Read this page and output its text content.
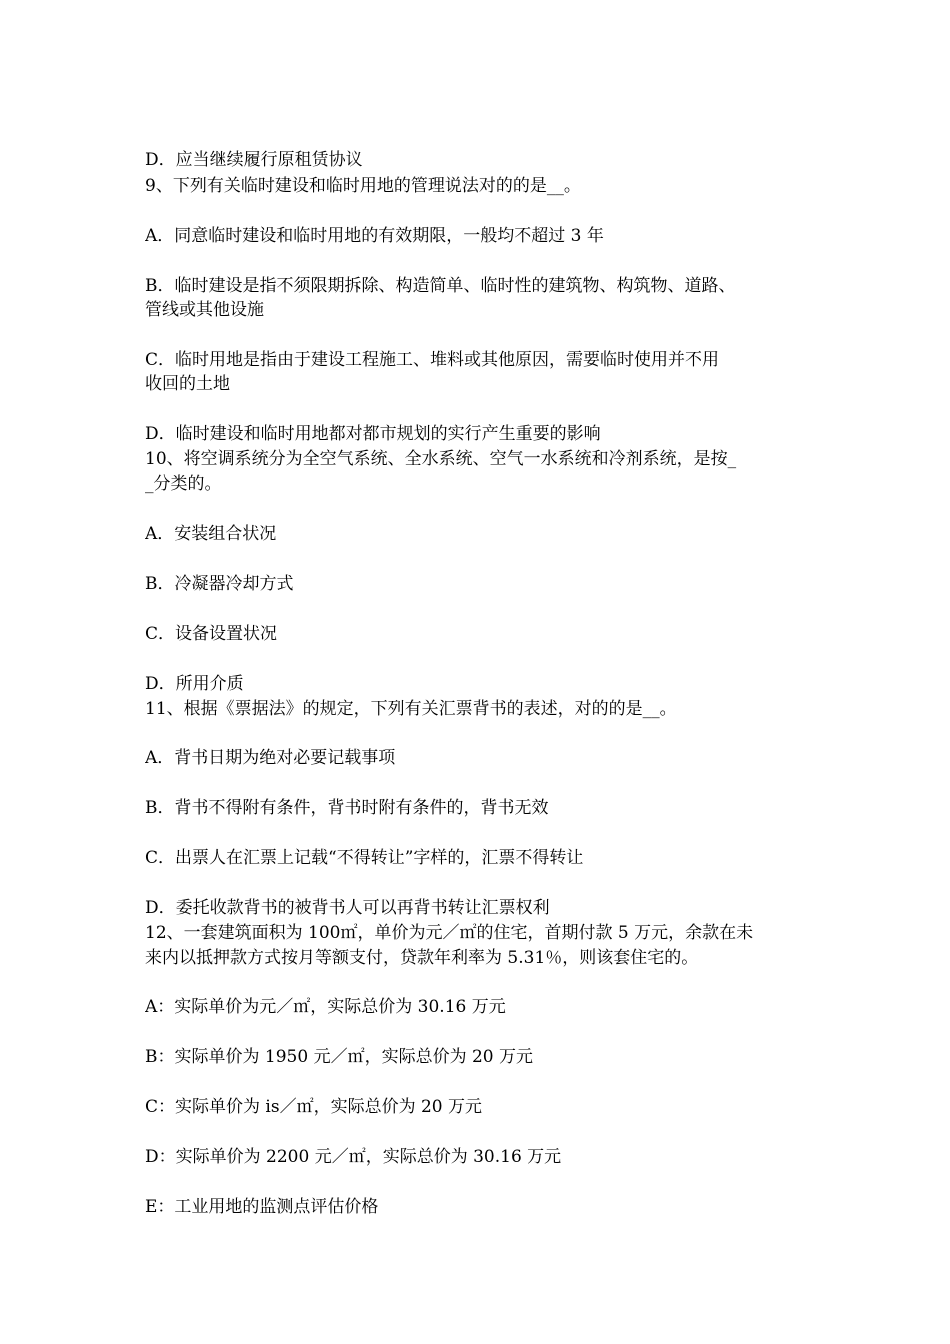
D．应当继续履行原租赁协议
9、下列有关临时建设和临时用地的管理说法对的的是__。
A．同意临时建设和临时用地的有效期限，一般均不超过 3 年
B．临时建设是指不须限期拆除、构造简单、临时性的建筑物、构筑物、道路、
管线或其他设施
C．临时用地是指由于建设工程施工、堆料或其他原因，需要临时使用并不用
收回的土地
D．临时建设和临时用地都对都市规划的实行产生重要的影响
10、将空调系统分为全空气系统、全水系统、空气一水系统和冷剂系统，是按_
_分类的。
A．安装组合状况
B．冷凝器冷却方式
C．设备设置状况
D．所用介质
11、根据《票据法》的规定，下列有关汇票背书的表述，对的的是__。
A．背书日期为绝对必要记载事项
B．背书不得附有条件，背书时附有条件的，背书无效
C．出票人在汇票上记载“不得转让”字样的，汇票不得转让
D．委托收款背书的被背书人可以再背书转让汇票权利
12、一套建筑面积为 100㎡，单价为元／㎡的住宅，首期付款 5 万元，余款在未
来内以抵押款方式按月等额支付，贷款年利率为 5.31％，则该套住宅的。
A：实际单价为元／㎡，实际总价为 30.16 万元
B：实际单价为 1950 元／㎡，实际总价为 20 万元
C：实际单价为 is／㎡，实际总价为 20 万元
D：实际单价为 2200 元／㎡，实际总价为 30.16 万元
E：工业用地的监测点评估价格
